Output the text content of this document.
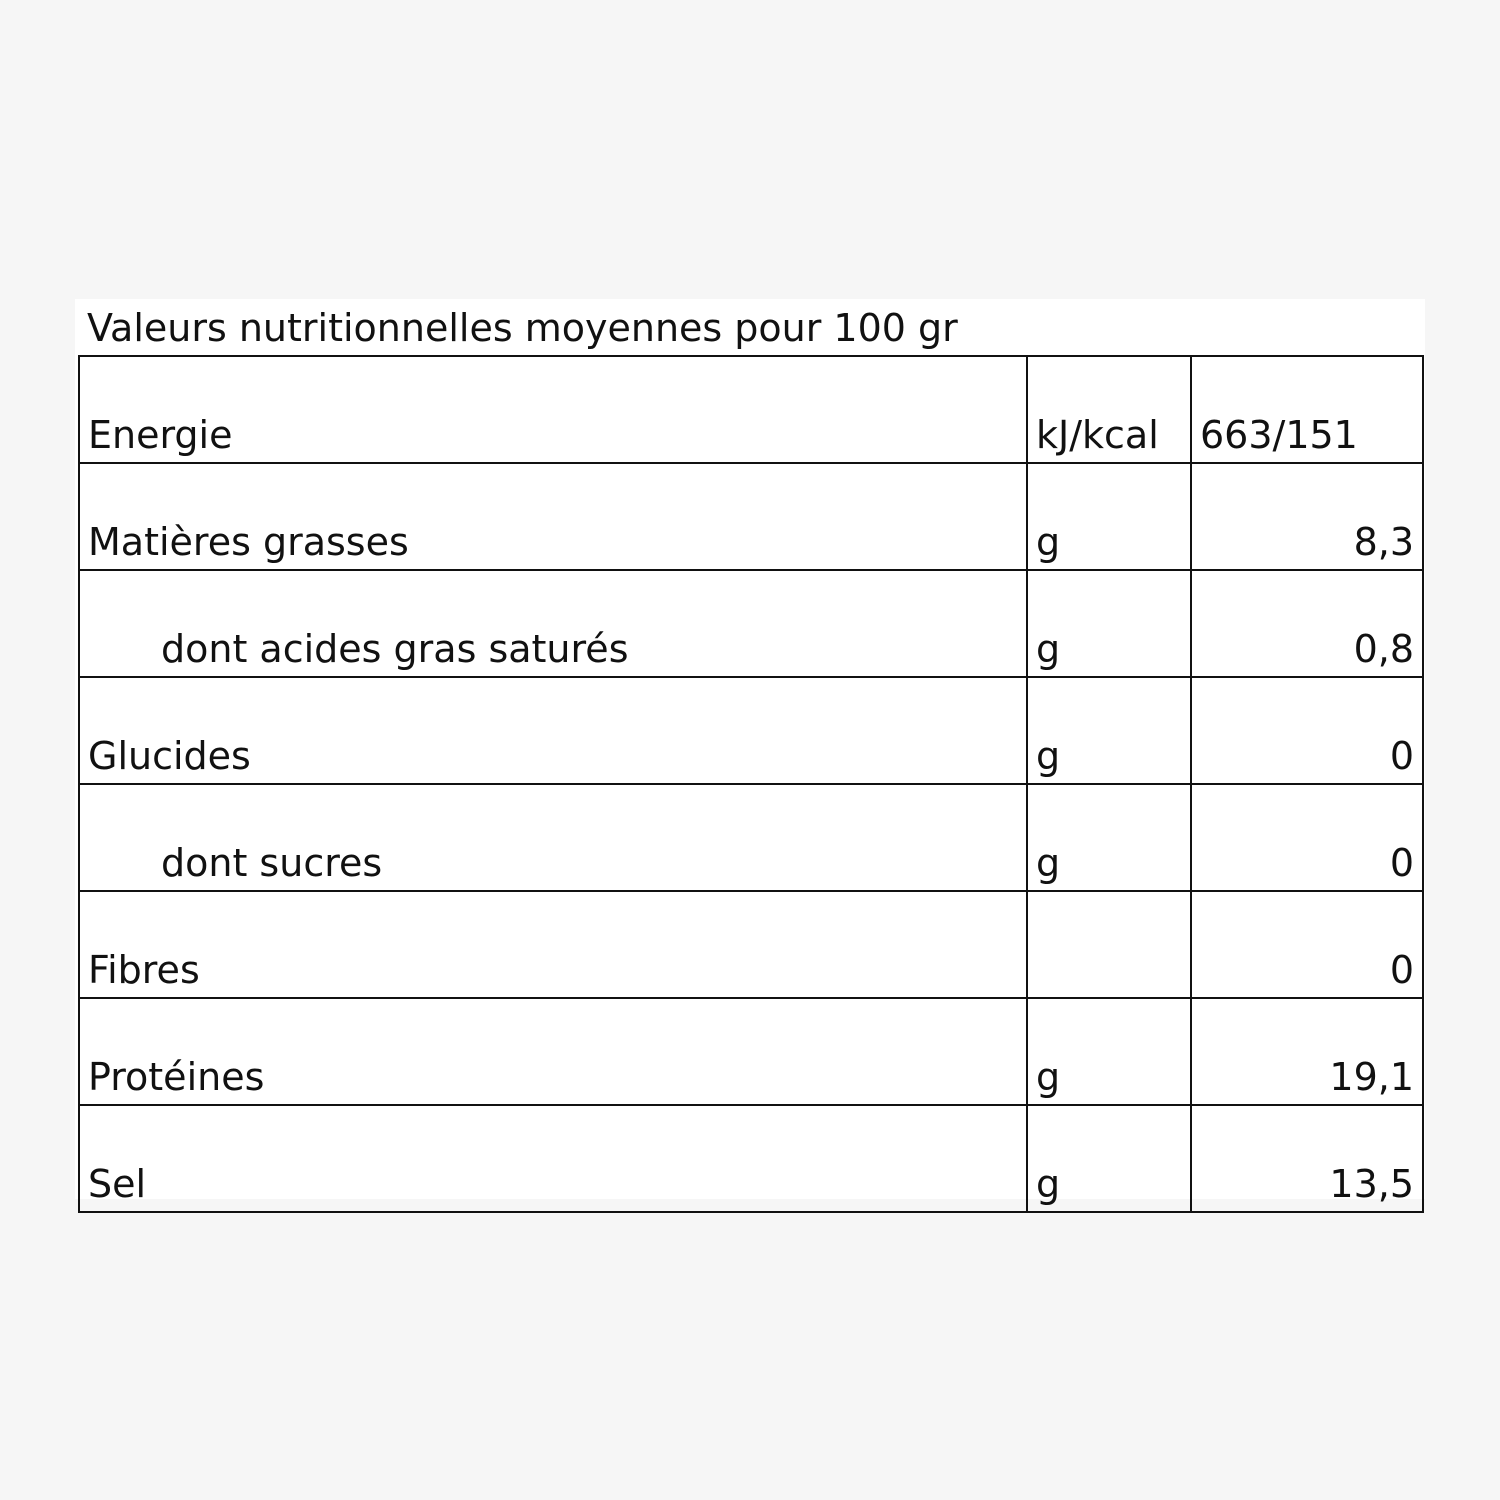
Valeurs nutritionnelles moyennes pour 100 gr
Energie	kJ/kcal	663/151
Matières grasses	g	8,3
dont acides gras saturés	g	0,8
Glucides	g	0
dont sucres	g	0
Fibres		0
Protéines	g	19,1
Sel	g	13,5
